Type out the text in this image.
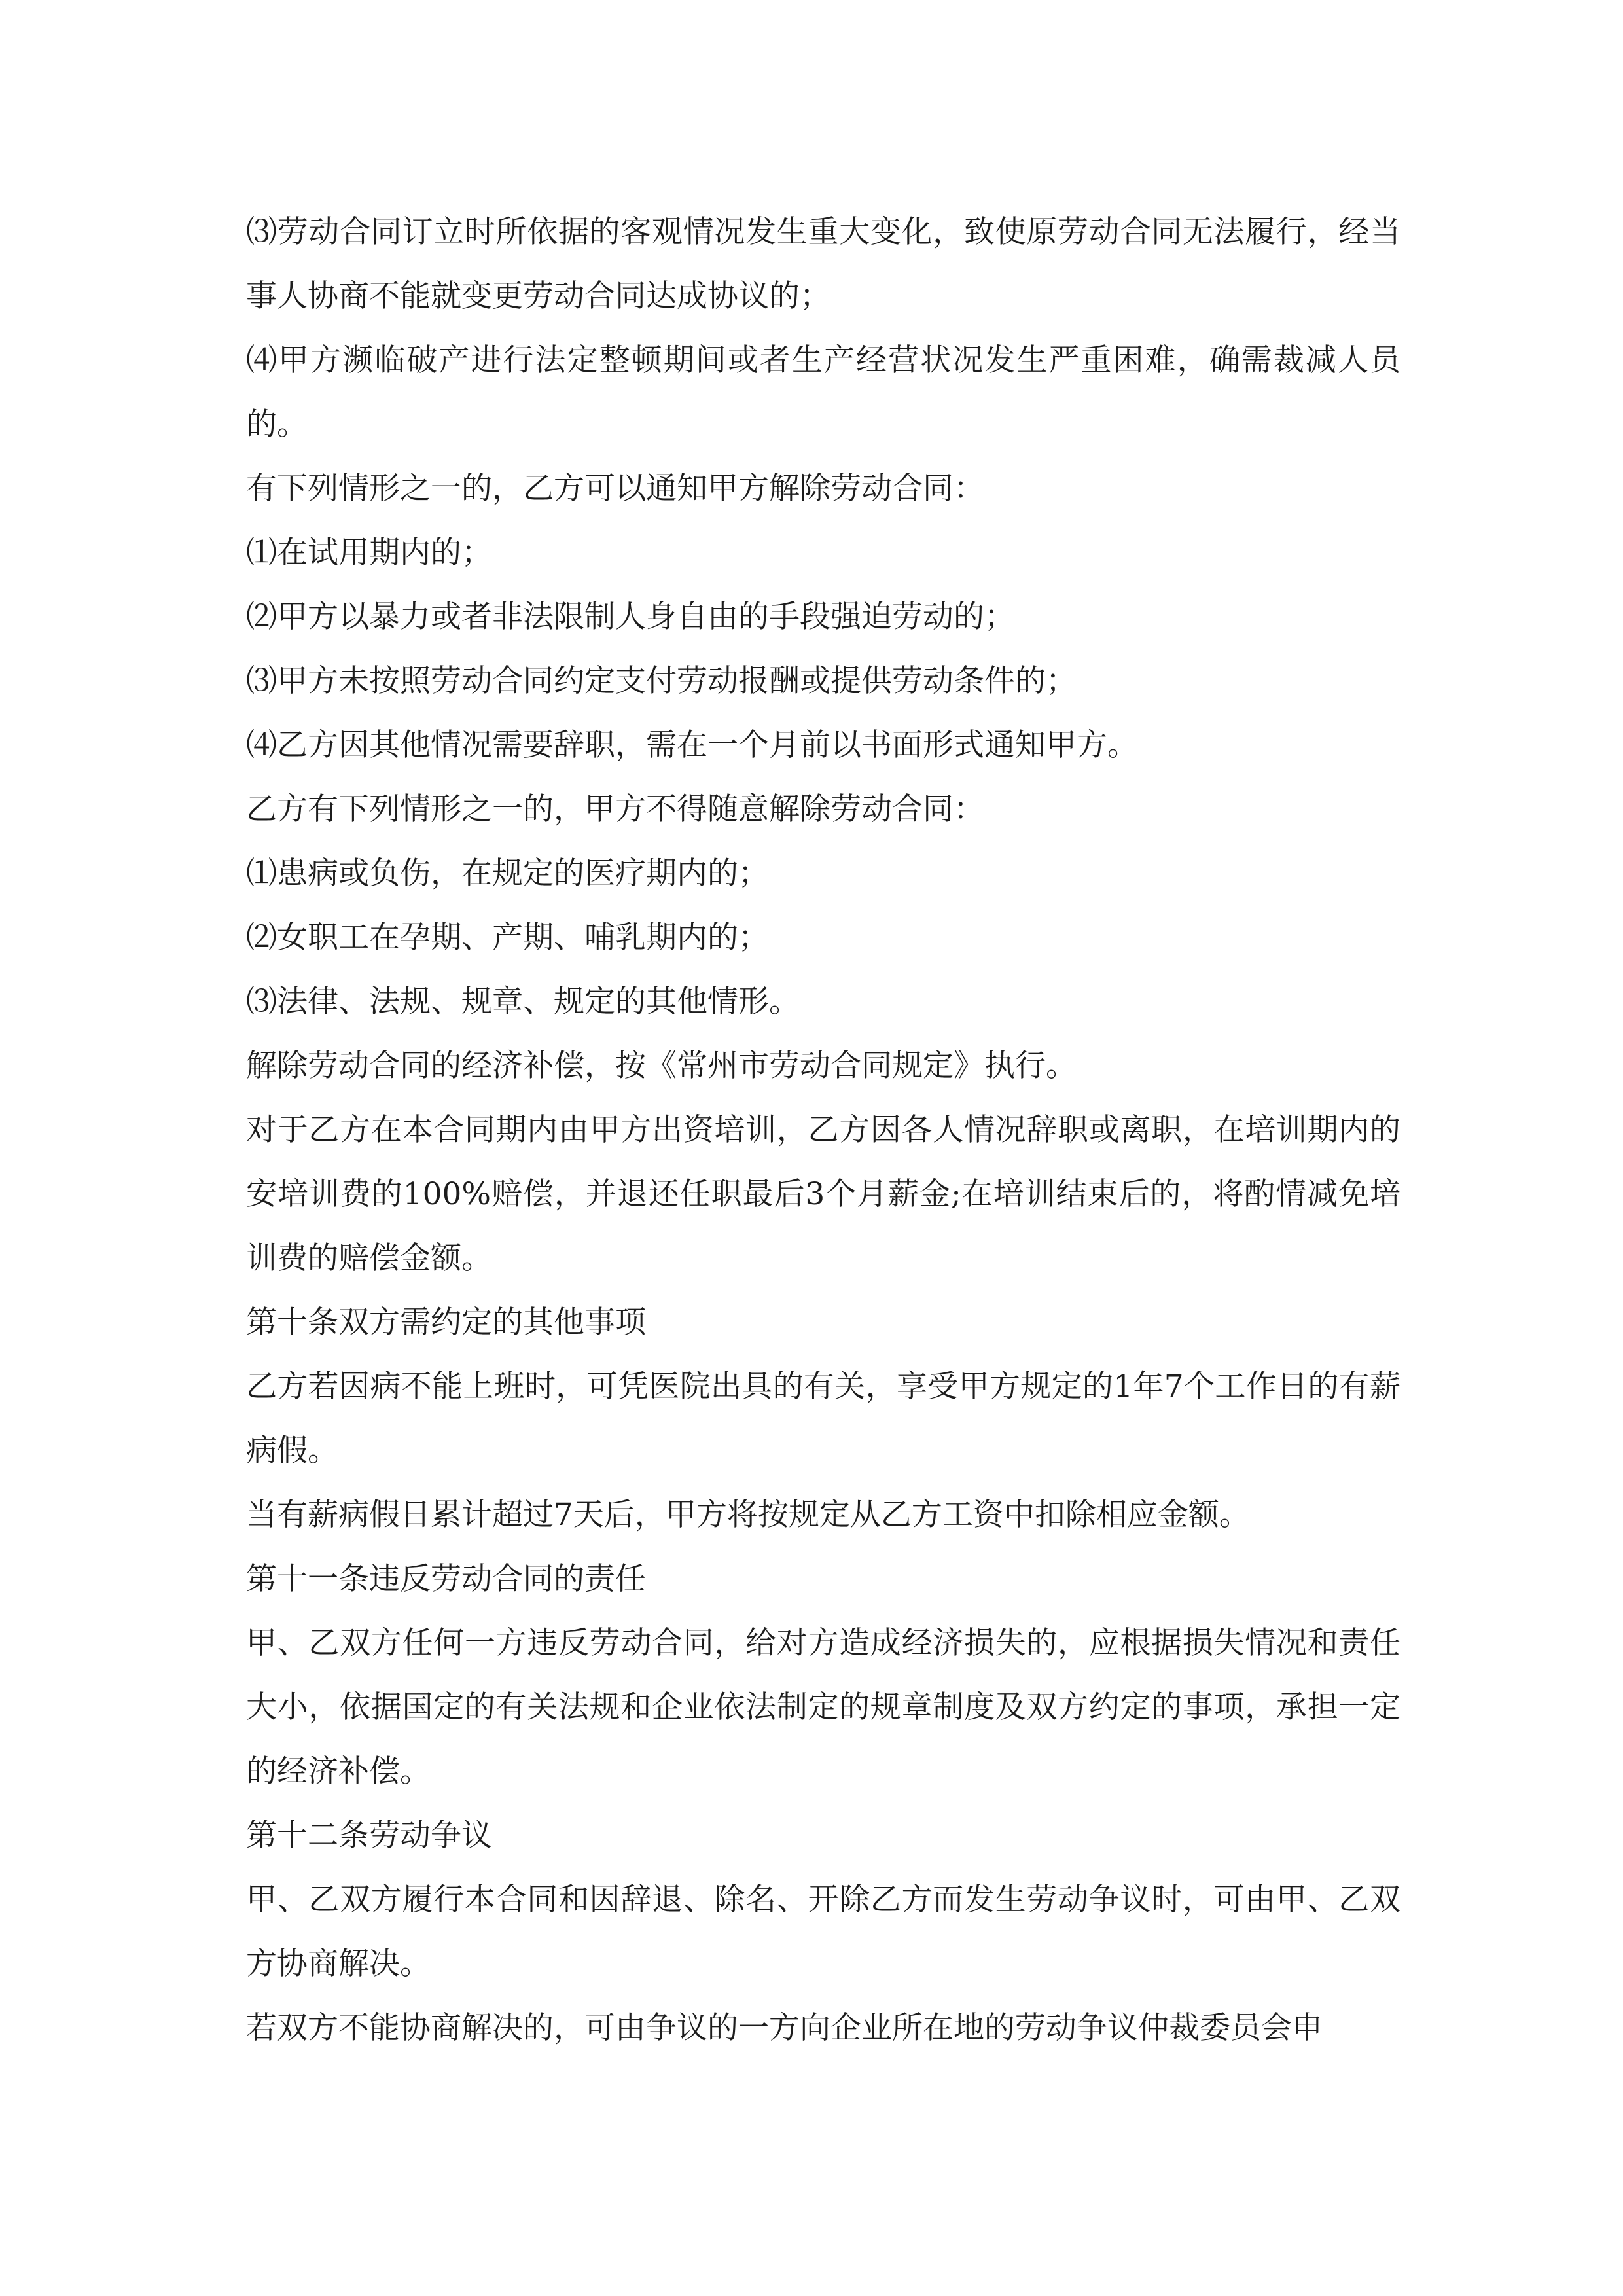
⑶劳动合同订立时所依据的客观情况发生重大变化，致使原劳动合同无法履行，经当事人协商不能就变更劳动合同达成协议的；

⑷甲方濒临破产进行法定整顿期间或者生产经营状况发生严重困难，确需裁减人员的。

有下列情形之一的，乙方可以通知甲方解除劳动合同：

⑴在试用期内的；

⑵甲方以暴力或者非法限制人身自由的手段强迫劳动的；

⑶甲方未按照劳动合同约定支付劳动报酬或提供劳动条件的；

⑷乙方因其他情况需要辞职，需在一个月前以书面形式通知甲方。

乙方有下列情形之一的，甲方不得随意解除劳动合同：

⑴患病或负伤，在规定的医疗期内的；

⑵女职工在孕期、产期、哺乳期内的；

⑶法律、法规、规章、规定的其他情形。

解除劳动合同的经济补偿，按《常州市劳动合同规定》执行。

对于乙方在本合同期内由甲方出资培训，乙方因各人情况辞职或离职，在培训期内的安培训费的100%赔偿，并退还任职最后3个月薪金;在培训结束后的，将酌情减免培训费的赔偿金额。

第十条双方需约定的其他事项

乙方若因病不能上班时，可凭医院出具的有关，享受甲方规定的1年7个工作日的有薪病假。

当有薪病假日累计超过7天后，甲方将按规定从乙方工资中扣除相应金额。

第十一条违反劳动合同的责任

甲、乙双方任何一方违反劳动合同，给对方造成经济损失的，应根据损失情况和责任大小，依据国定的有关法规和企业依法制定的规章制度及双方约定的事项，承担一定的经济补偿。

第十二条劳动争议

甲、乙双方履行本合同和因辞退、除名、开除乙方而发生劳动争议时，可由甲、乙双方协商解决。

若双方不能协商解决的，可由争议的一方向企业所在地的劳动争议仲裁委员会申
